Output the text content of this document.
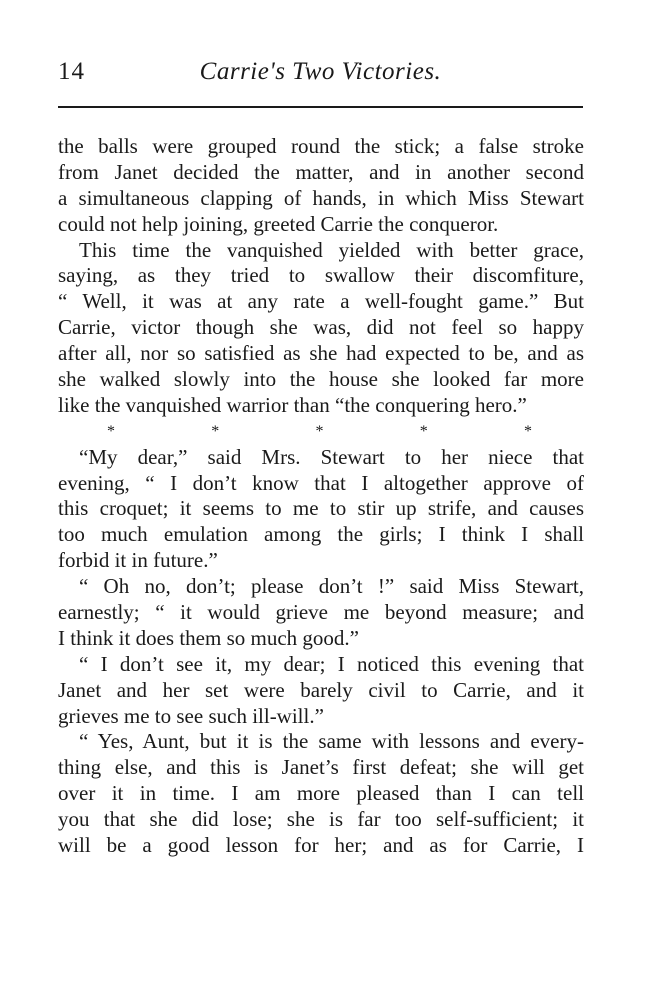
14	Carrie's Two Victories.
the balls were grouped round the stick; a false stroke
from Janet decided the matter, and in another second
a simultaneous clapping of hands, in which Miss Stewart
could not help joining, greeted Carrie the conqueror.
This time the vanquished yielded with better grace,
saying, as they tried to swallow their discomfiture,
“ Well, it was at any rate a well-fought game.” But
Carrie, victor though she was, did not feel so happy
after all, nor so satisfied as she had expected to be, and as
she walked slowly into the house she looked far more
like the vanquished warrior than “the conquering hero.”
*	*	*	*	*
“My dear,” said Mrs. Stewart to her niece that
evening, “ I don’t know that I altogether approve of
this croquet; it seems to me to stir up strife, and causes
too much emulation among the girls; I think I shall
forbid it in future.”
“ Oh no, don’t; please don’t !” said Miss Stewart,
earnestly; “ it would grieve me beyond measure; and
I think it does them so much good.”
“ I don’t see it, my dear; I noticed this evening that
Janet and her set were barely civil to Carrie, and it
grieves me to see such ill-will.”
“ Yes, Aunt, but it is the same with lessons and every-
thing else, and this is Janet’s first defeat; she will get
over it in time. I am more pleased than I can tell
you that she did lose; she is far too self-sufficient; it
will be a good lesson for her; and as for Carrie, I
